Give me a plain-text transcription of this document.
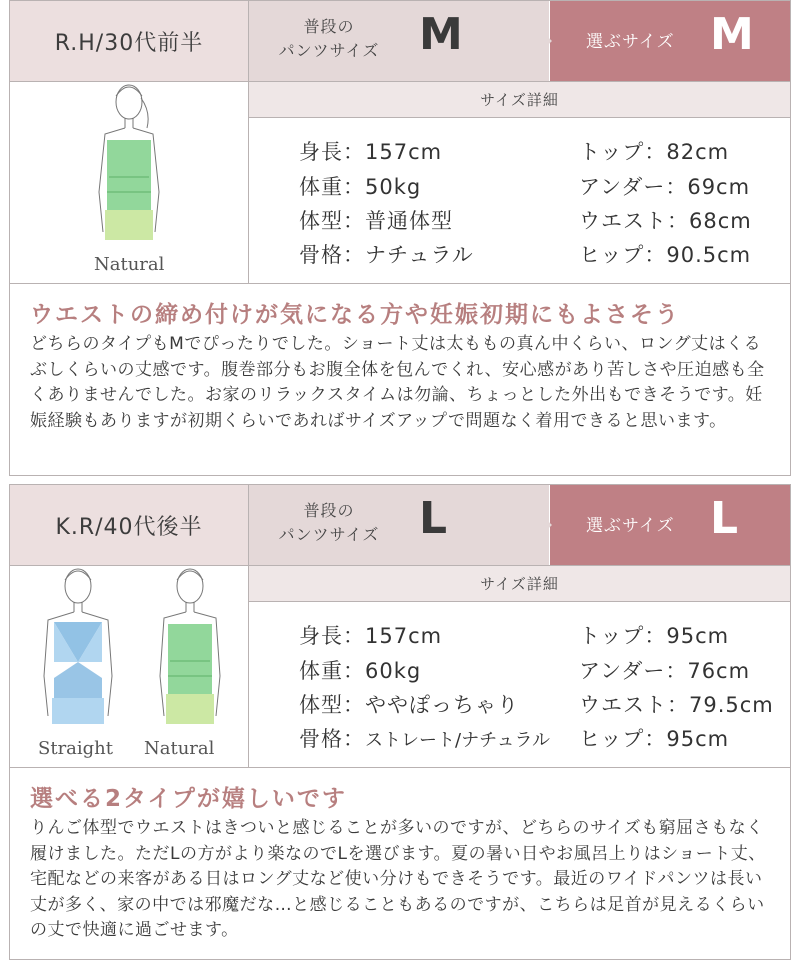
R.H/30代前半
普段の
パンツサイズ M	選ぶサイズ M
Natural
サイズ詳細
身長：157cm
体重：50kg
体型：普通体型
骨格：ナチュラル
トップ：82cm
アンダー：69cm
ウエスト：68cm
ヒップ：90.5cm
ウエストの締め付けが気になる方や妊娠初期にもよさそう
どちらのタイプもMでぴったりでした。ショート丈は太ももの真ん中くらい、ロング丈はくるぶしくらいの丈感です。腹巻部分もお腹全体を包んでくれ、安心感があり苦しさや圧迫感も全くありませんでした。お家のリラックスタイムは勿論、ちょっとした外出もできそうです。妊娠経験もありますが初期くらいであればサイズアップで問題なく着用できると思います。
K.R/40代後半
普段の
パンツサイズ L	選ぶサイズ L
Straight Natural
サイズ詳細
身長：157cm
体重：60kg
体型：ややぽっちゃり
骨格：ストレート/ナチュラル
トップ：95cm
アンダー：76cm
ウエスト：79.5cm
ヒップ：95cm
選べる2タイプが嬉しいです
りんご体型でウエストはきついと感じることが多いのですが、どちらのサイズも窮屈さもなく履けました。ただLの方がより楽なのでLを選びます。夏の暑い日やお風呂上りはショート丈、宅配などの来客がある日はロング丈など使い分けもできそうです。最近のワイドパンツは長い丈が多く、家の中では邪魔だな…と感じることもあるのですが、こちらは足首が見えるくらいの丈で快適に過ごせます。
